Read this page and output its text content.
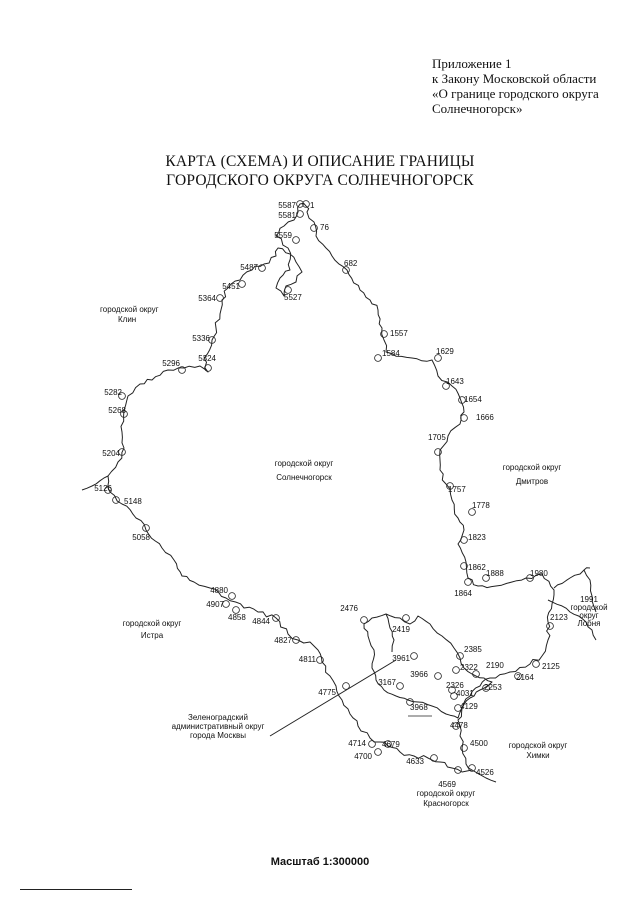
Приложение 1
к Закону Московской области
«О границе городского округа
Солнечногорск»
КАРТА (СХЕМА) И ОПИСАНИЕ ГРАНИЦЫ
ГОРОДСКОГО ОКРУГА СОЛНЕЧНОГОРСК
5587 1
5581
76
5559
682
5487
5451
5527
5364
1557
5336
1584	1629
5296
5324
1643
5282
1654
5268
1666
1705
5204
1757
5126
5148	1778
5058	1823
1862
1888	1980
1864
4880
4907
4858 4844
2476
2419
2123
4827
2385
3961
2322 2190	2125
4811
3966
2326
2164
4775
3167
4031
2253
3968	4129
4478
4714 4679	4500
4700
4633
4526
4569
городской округ Клин
городской округ Солнечногорск
городской округ Дмитров
городской округ Истра
1991 городской округ Лобня
Зеленоградский административный округ города Москвы
городской округ Химки
городской округ Красногорск
Масштаб 1:300000
